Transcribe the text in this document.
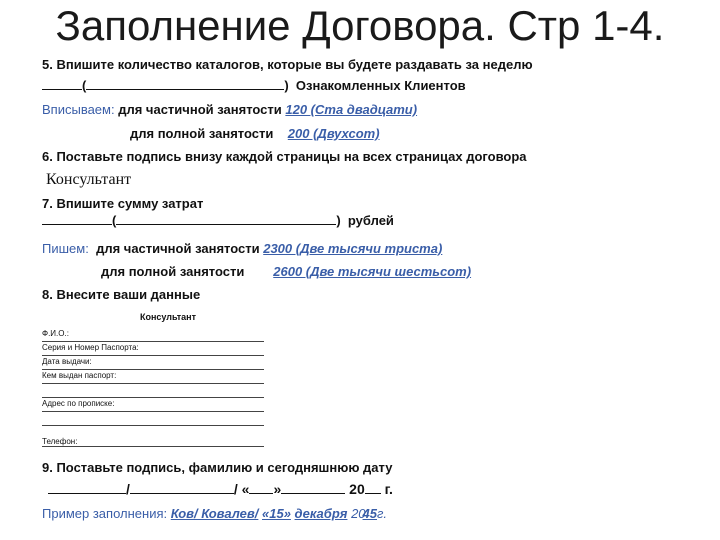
Заполнение Договора. Стр 1-4.
5. Впишите количество каталогов, которые вы будете раздавать за неделю
(	)  Ознакомленных Клиентов
Вписываем: для частичной занятости 120 (Ста двадцати)
для полной занятости 200 (Двухсот)
6. Поставьте подпись внизу каждой страницы на всех страницах договора
Консультант
7. Впишите сумму затрат
(	)  рублей
Пишем: для частичной занятости 2300 (Две тысячи триста)
для полной занятости 2600 (Две тысячи шестьсот)
8. Внесите ваши данные
Консультант
Ф.И.О.:
Серия и Номер Паспорта:
Дата выдачи:
Кем выдан паспорт:
Адрес по прописке:
Телефон:
9. Поставьте подпись, фамилию и сегодняшнюю дату
/	/ « »	20 г.
Пример заполнения: Ков/ Ковалев/ «15» декабря 2045г.
